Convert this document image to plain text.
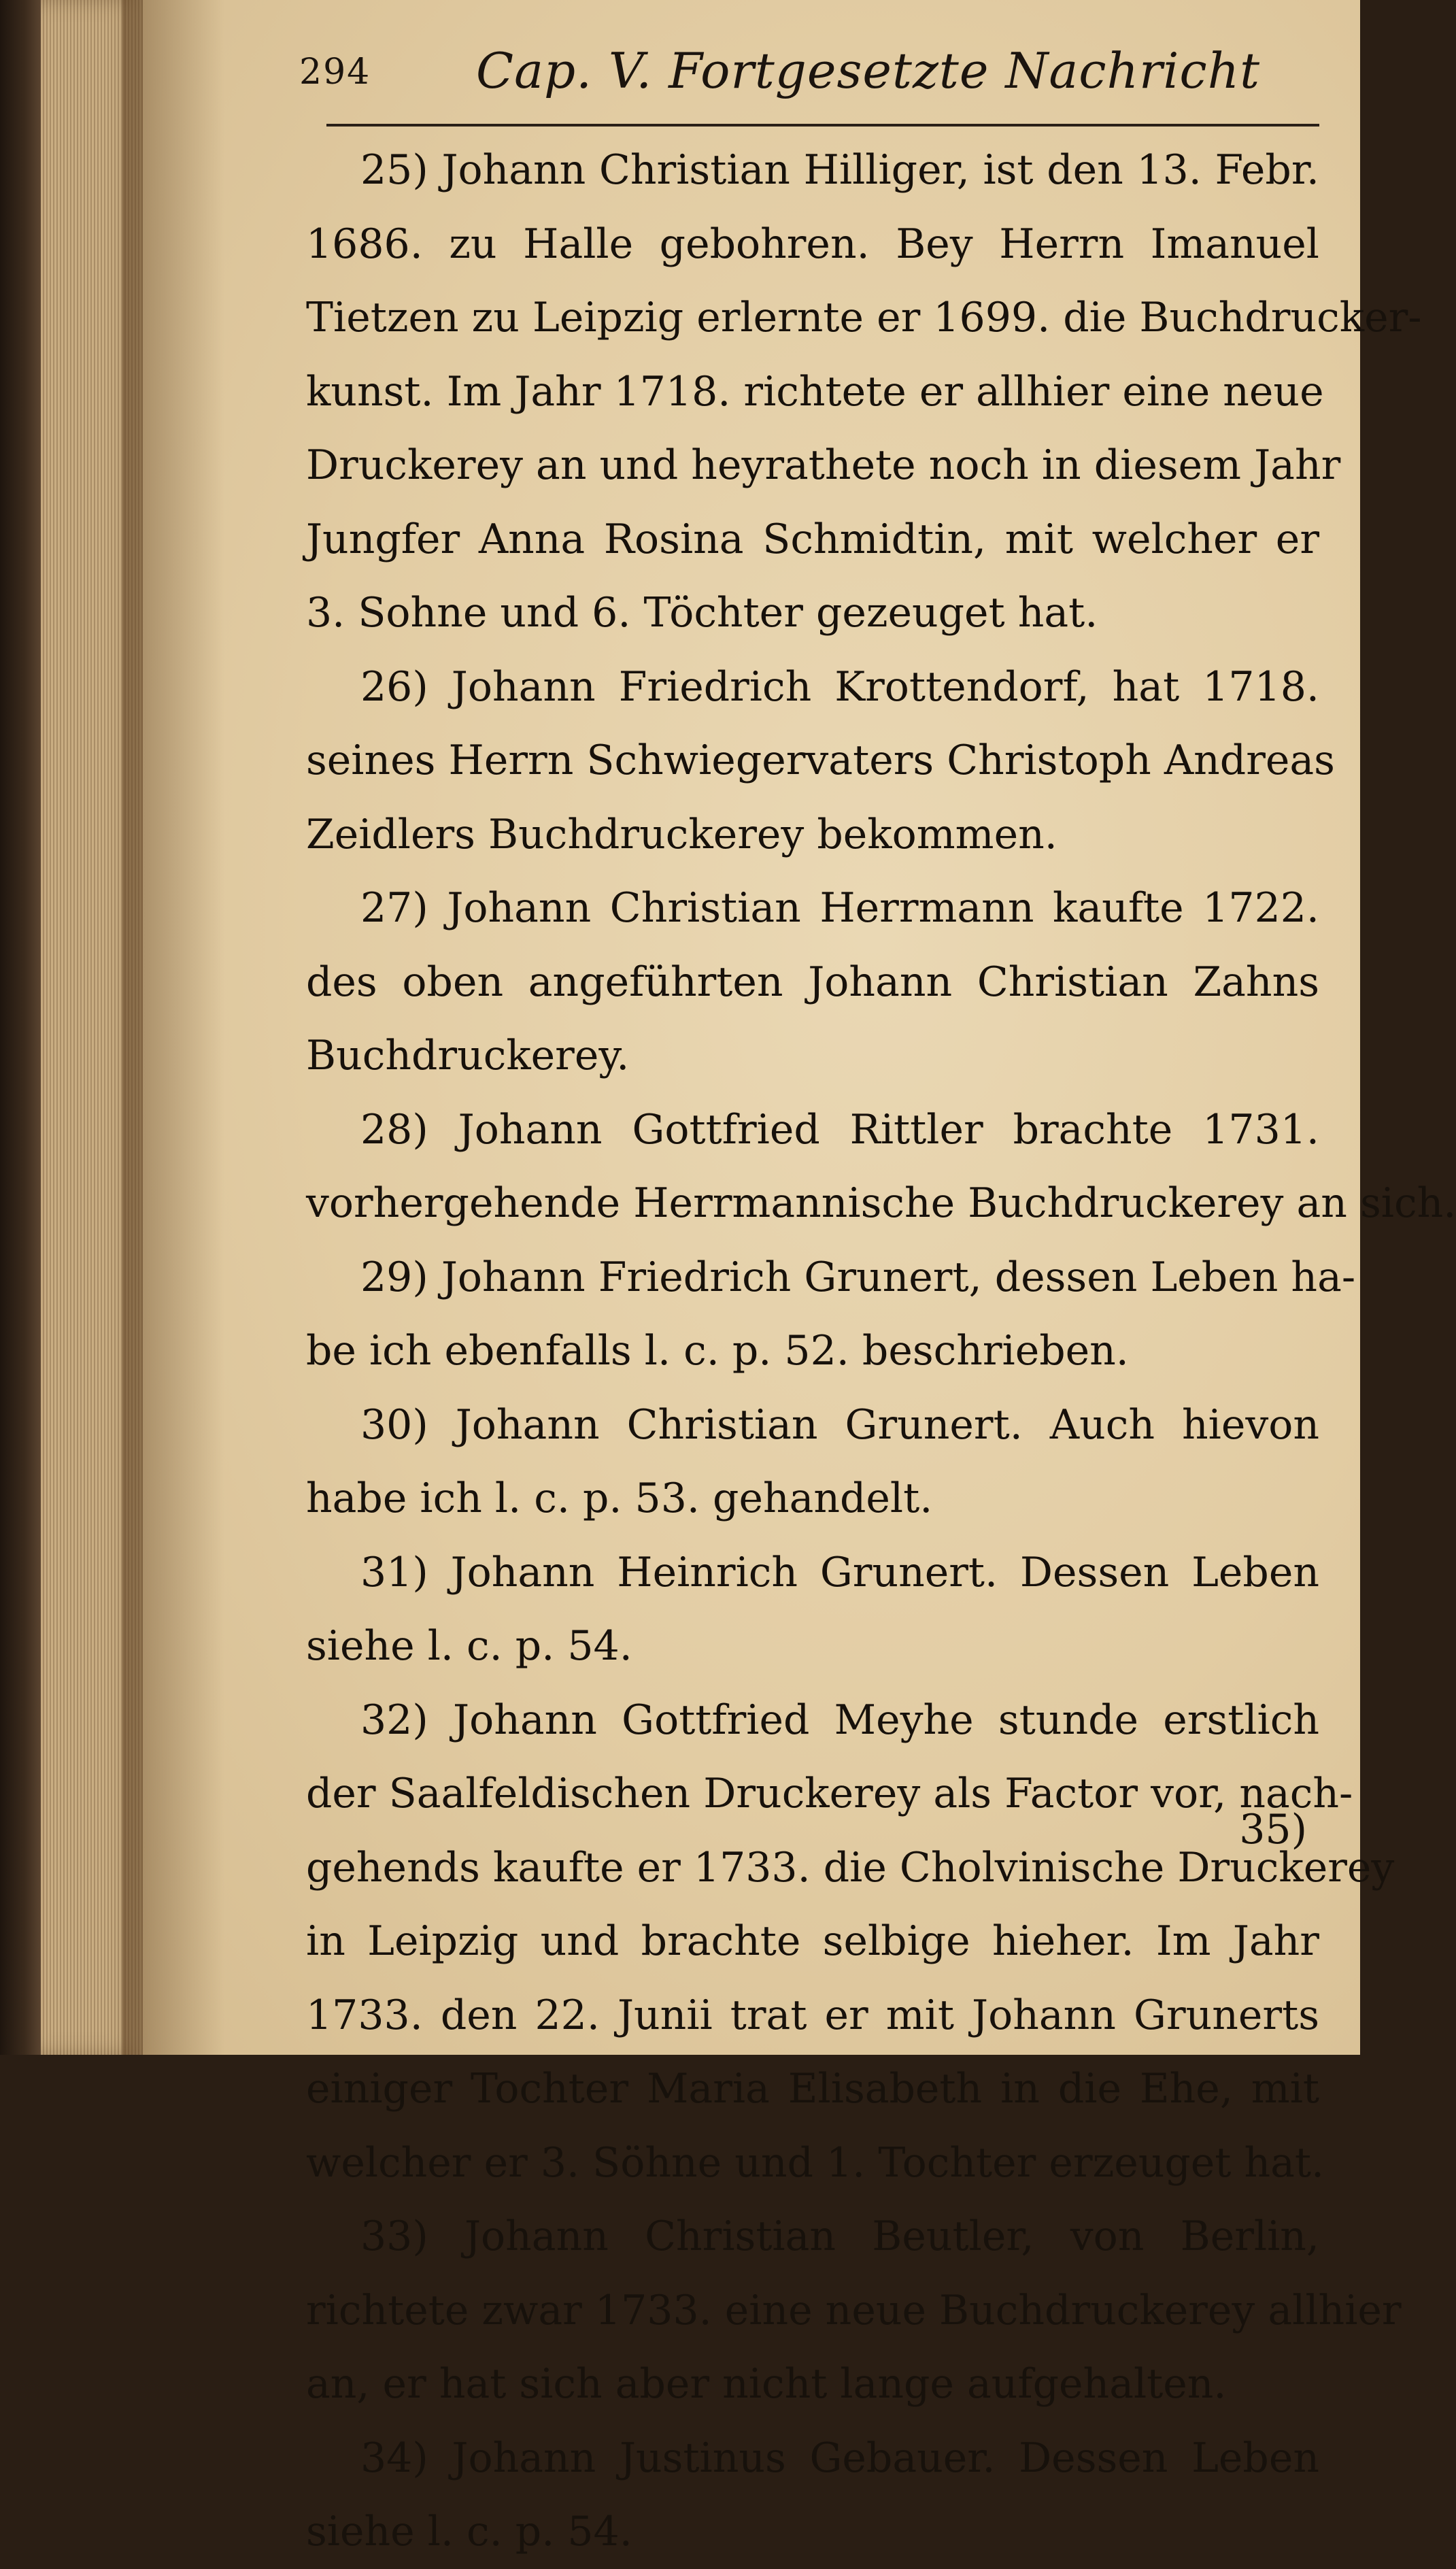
294 Cap. V. Fortgesetzte Nachricht
25) Johann Christian Hilliger, ist den 13. Febr.
1686. zu Halle gebohren. Bey Herrn Imanuel
Tietzen zu Leipzig erlernte er 1699. die Buchdrucker-
kunst. Im Jahr 1718. richtete er allhier eine neue
Druckerey an und heyrathete noch in diesem Jahr
Jungfer Anna Rosina Schmidtin, mit welcher er
3. Sohne und 6. Töchter gezeuget hat.
26) Johann Friedrich Krottendorf, hat 1718.
seines Herrn Schwiegervaters Christoph Andreas
Zeidlers Buchdruckerey bekommen.
27) Johann Christian Herrmann kaufte 1722.
des oben angeführten Johann Christian Zahns
Buchdruckerey.
28) Johann Gottfried Rittler brachte 1731.
vorhergehende Herrmannische Buchdruckerey an sich.
29) Johann Friedrich Grunert, dessen Leben ha-
be ich ebenfalls l. c. p. 52. beschrieben.
30) Johann Christian Grunert. Auch hievon
habe ich l. c. p. 53. gehandelt.
31) Johann Heinrich Grunert. Dessen Leben
siehe l. c. p. 54.
32) Johann Gottfried Meyhe stunde erstlich
der Saalfeldischen Druckerey als Factor vor, nach-
gehends kaufte er 1733. die Cholvinische Druckerey
in Leipzig und brachte selbige hieher. Im Jahr
1733. den 22. Junii trat er mit Johann Grunerts
einiger Tochter Maria Elisabeth in die Ehe, mit
welcher er 3. Söhne und 1. Tochter erzeuget hat.
33) Johann Christian Beutler, von Berlin,
richtete zwar 1733. eine neue Buchdruckerey allhier
an, er hat sich aber nicht lange aufgehalten.
34) Johann Justinus Gebauer. Dessen Leben
siehe l. c. p. 54.
35)
